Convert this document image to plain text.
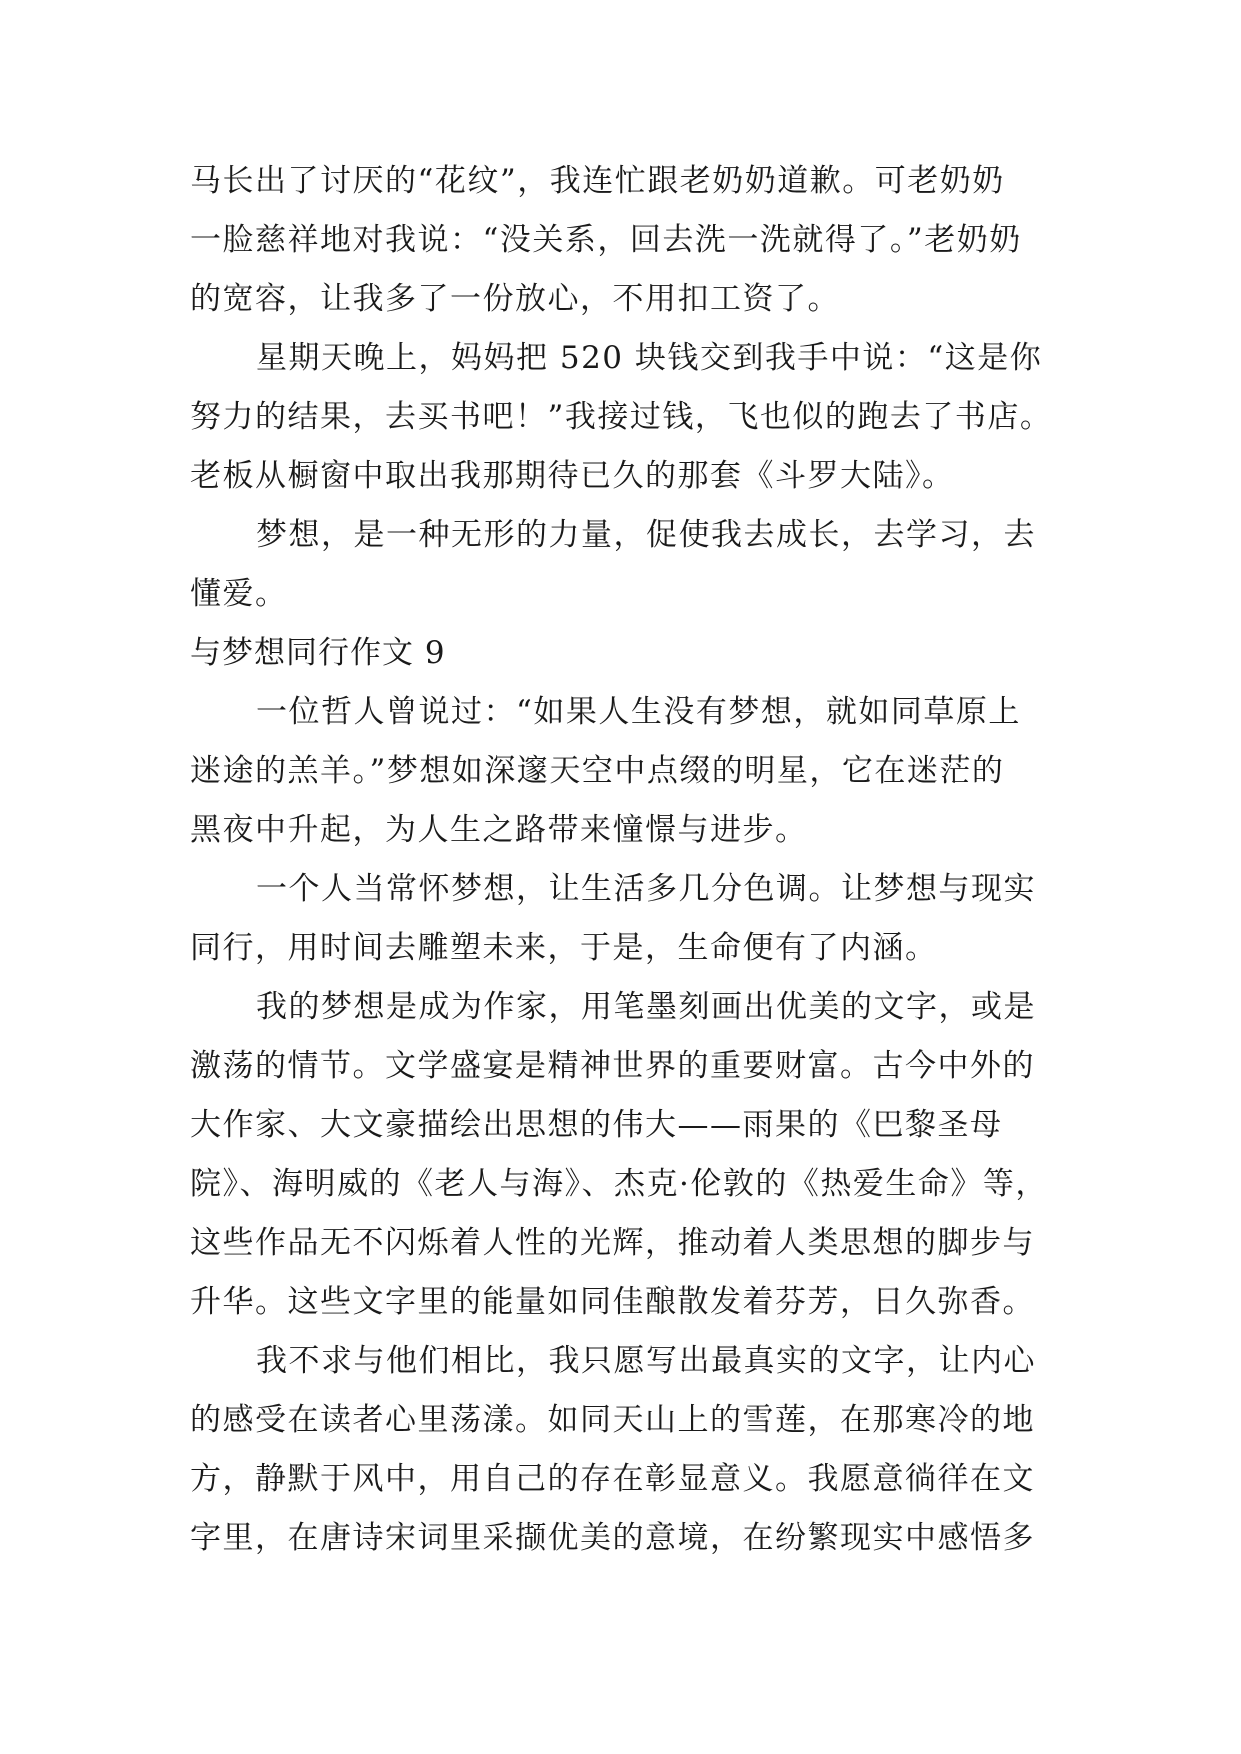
马长出了讨厌的“花纹”，我连忙跟老奶奶道歉。可老奶奶
一脸慈祥地对我说：“没关系，回去洗一洗就得了。”老奶奶
的宽容，让我多了一份放心，不用扣工资了。
星期天晚上，妈妈把 520 块钱交到我手中说：“这是你
努力的结果，去买书吧！”我接过钱，飞也似的跑去了书店。
老板从橱窗中取出我那期待已久的那套《斗罗大陆》。
梦想，是一种无形的力量，促使我去成长，去学习，去
懂爱。
与梦想同行作文 9
一位哲人曾说过：“如果人生没有梦想，就如同草原上
迷途的羔羊。”梦想如深邃天空中点缀的明星，它在迷茫的
黑夜中升起，为人生之路带来憧憬与进步。
一个人当常怀梦想，让生活多几分色调。让梦想与现实
同行，用时间去雕塑未来，于是，生命便有了内涵。
我的梦想是成为作家，用笔墨刻画出优美的文字，或是
激荡的情节。文学盛宴是精神世界的重要财富。古今中外的
大作家、大文豪描绘出思想的伟大——雨果的《巴黎圣母
院》、海明威的《老人与海》、杰克·伦敦的《热爱生命》等，
这些作品无不闪烁着人性的光辉，推动着人类思想的脚步与
升华。这些文字里的能量如同佳酿散发着芬芳，日久弥香。
我不求与他们相比，我只愿写出最真实的文字，让内心
的感受在读者心里荡漾。如同天山上的雪莲，在那寒冷的地
方，静默于风中，用自己的存在彰显意义。我愿意徜徉在文
字里，在唐诗宋词里采撷优美的意境，在纷繁现实中感悟多
